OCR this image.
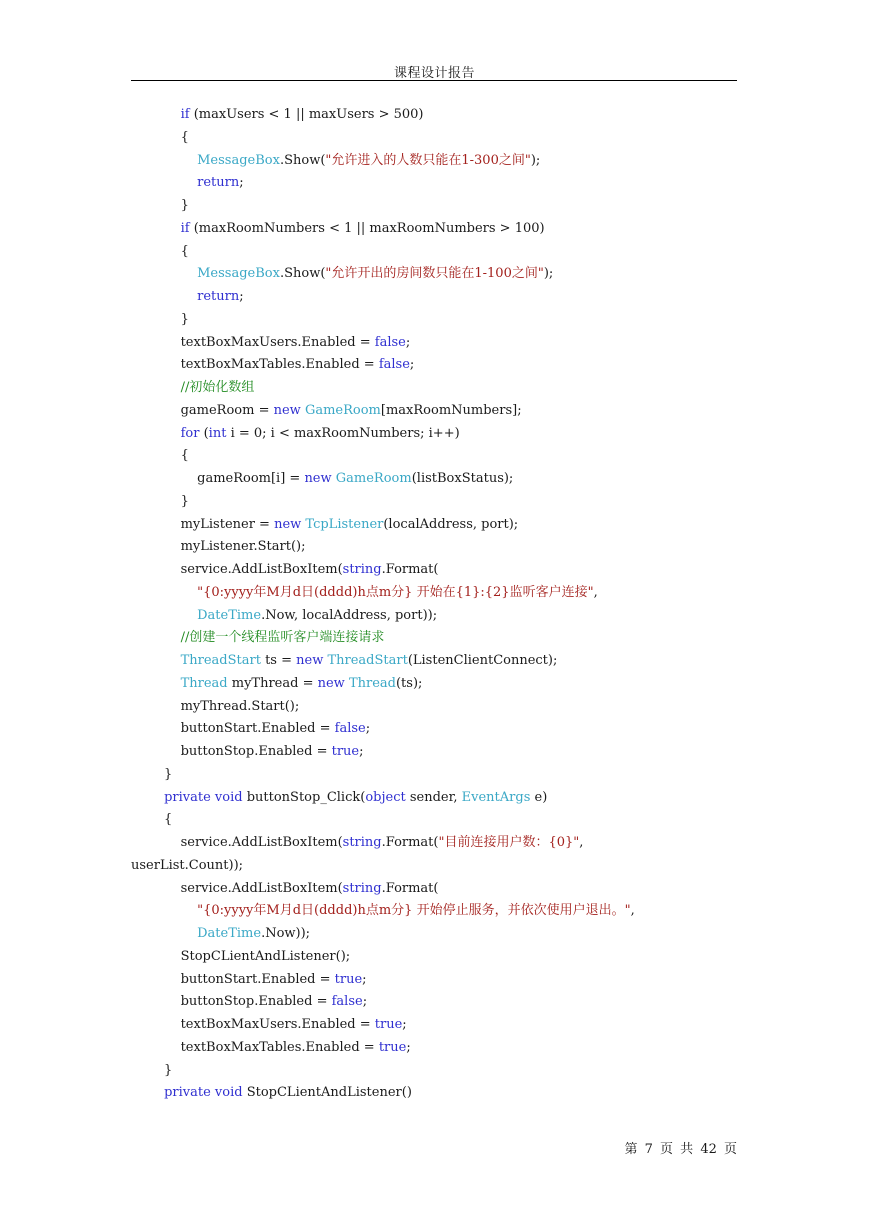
课程设计报告
if (maxUsers < 1 || maxUsers > 500)
{
MessageBox.Show("允许进入的人数只能在1-300之间");
return;
}
if (maxRoomNumbers < 1 || maxRoomNumbers > 100)
{
MessageBox.Show("允许开出的房间数只能在1-100之间");
return;
}
textBoxMaxUsers.Enabled = false;
textBoxMaxTables.Enabled = false;
//初始化数组
gameRoom = new GameRoom[maxRoomNumbers];
for (int i = 0; i < maxRoomNumbers; i++)
{
gameRoom[i] = new GameRoom(listBoxStatus);
}
myListener = new TcpListener(localAddress, port);
myListener.Start();
service.AddListBoxItem(string.Format(
"{0:yyyy年M月d日(dddd)h点m分} 开始在{1}:{2}监听客户连接",
DateTime.Now, localAddress, port));
//创建一个线程监听客户端连接请求
ThreadStart ts = new ThreadStart(ListenClientConnect);
Thread myThread = new Thread(ts);
myThread.Start();
buttonStart.Enabled = false;
buttonStop.Enabled = true;
}
private void buttonStop_Click(object sender, EventArgs e)
{
service.AddListBoxItem(string.Format("目前连接用户数：{0}",
userList.Count));
service.AddListBoxItem(string.Format(
"{0:yyyy年M月d日(dddd)h点m分} 开始停止服务，并依次使用户退出。",
DateTime.Now));
StopCLientAndListener();
buttonStart.Enabled = true;
buttonStop.Enabled = false;
textBoxMaxUsers.Enabled = true;
textBoxMaxTables.Enabled = true;
}
private void StopCLientAndListener()
第 7 页 共 42 页
